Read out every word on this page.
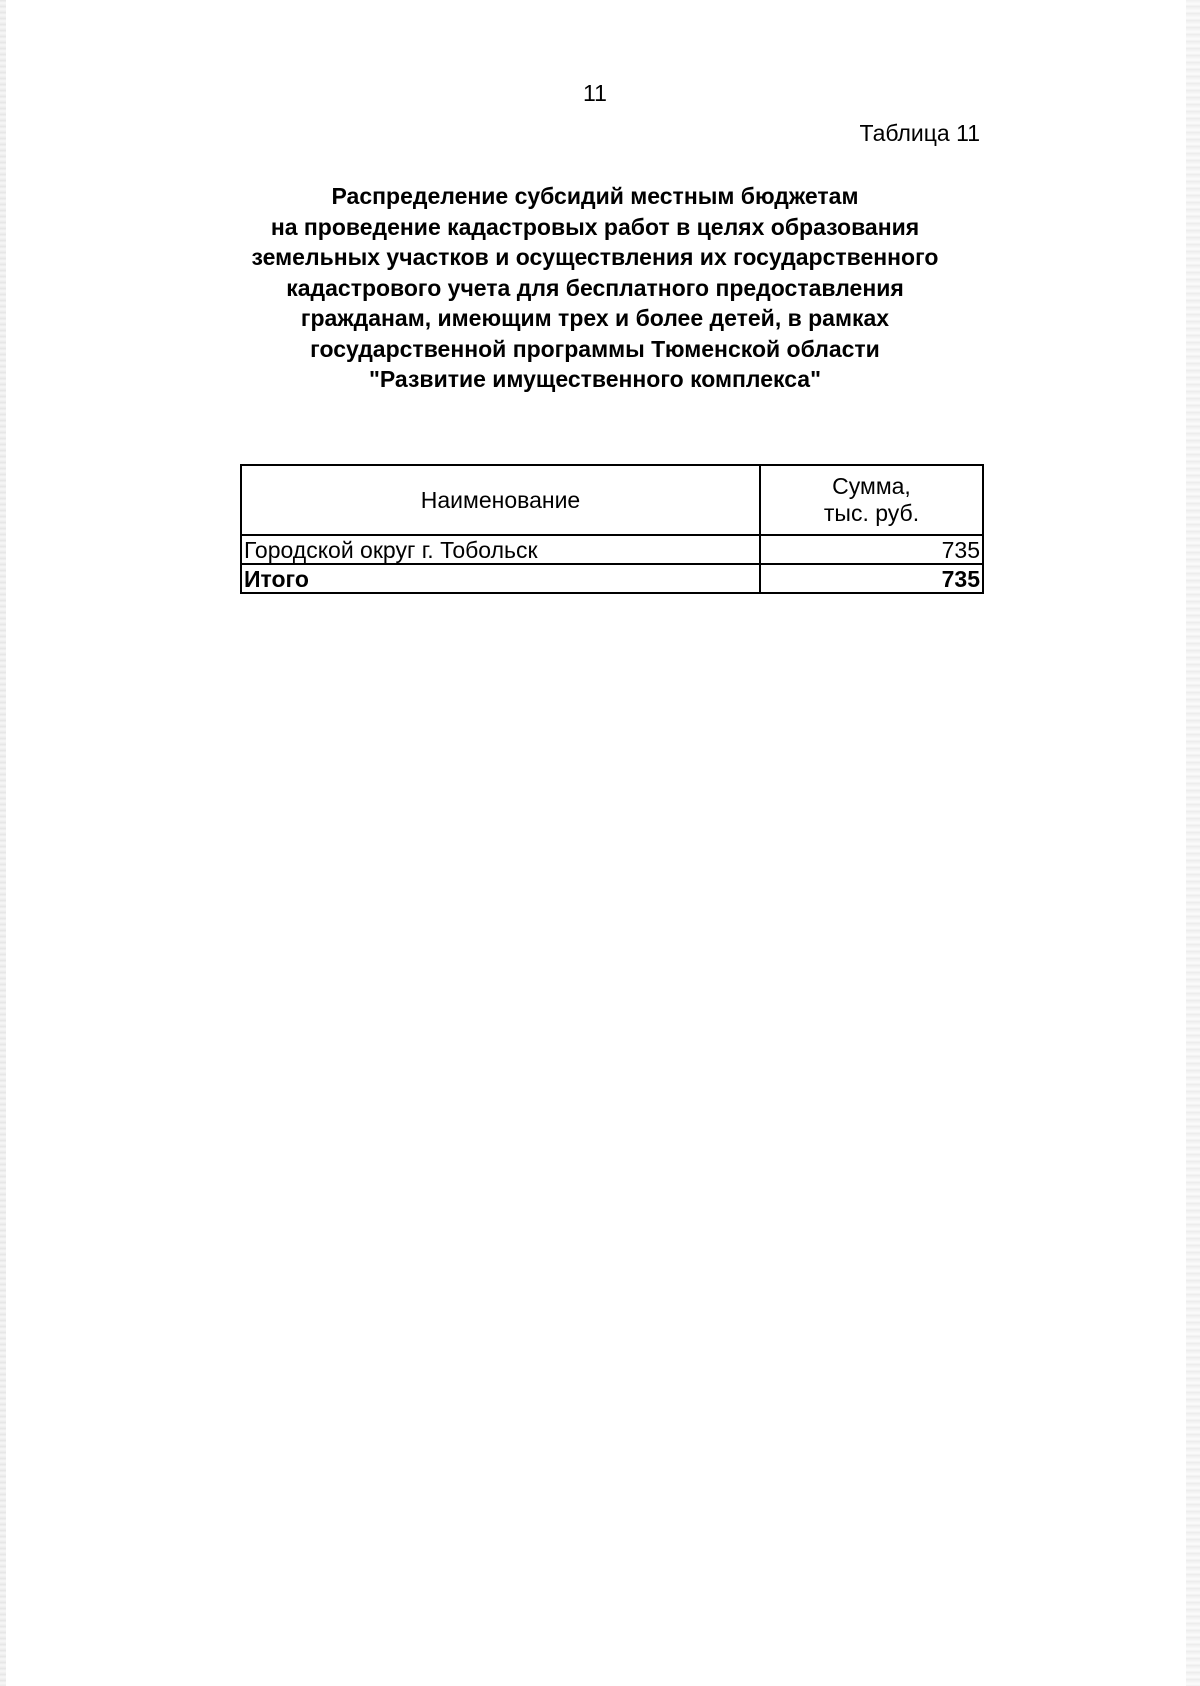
11
Таблица 11
Распределение субсидий местным бюджетам
на проведение кадастровых работ в целях образования
земельных участков и осуществления их государственного
кадастрового учета для бесплатного предоставления
гражданам, имеющим трех и более детей, в рамках
государственной программы Тюменской области
"Развитие имущественного комплекса"
Наименование	Сумма,
тыс. руб.

Городской округ г. Тобольск	735
Итого	735
